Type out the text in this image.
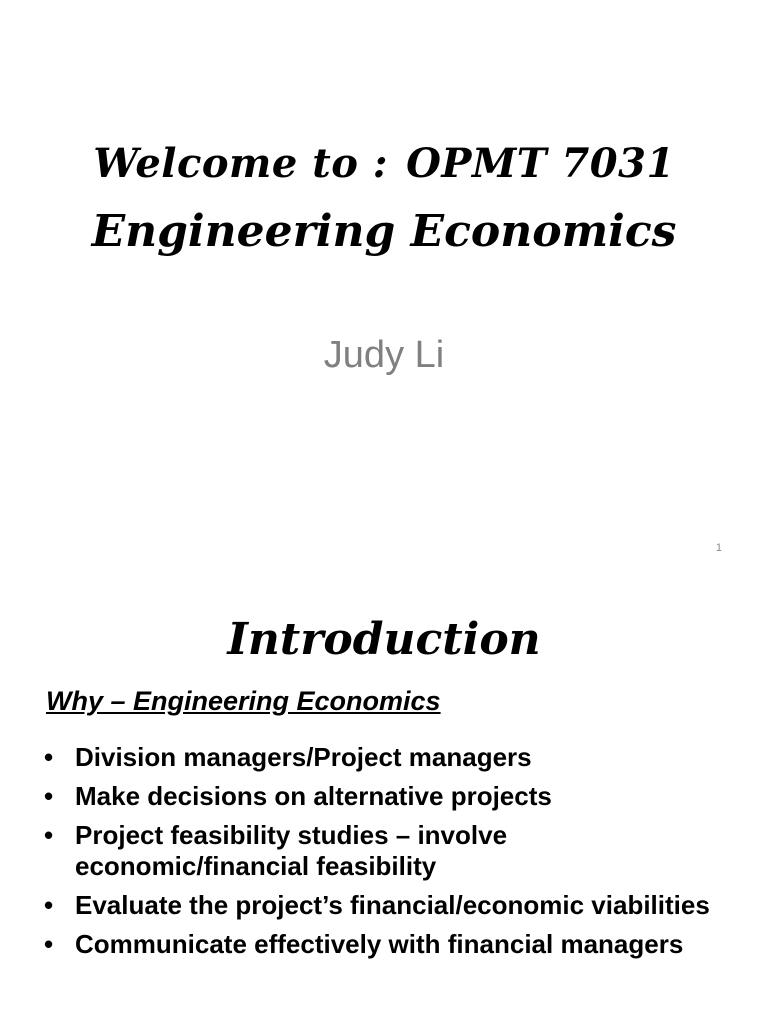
Welcome to : OPMT 7031
Engineering Economics
Judy Li
1
Introduction
Why – Engineering Economics
• Division managers/Project managers
• Make decisions on alternative projects
• Project feasibility studies – involve economic/financial feasibility
• Evaluate the project’s financial/economic viabilities
• Communicate effectively with financial managers
